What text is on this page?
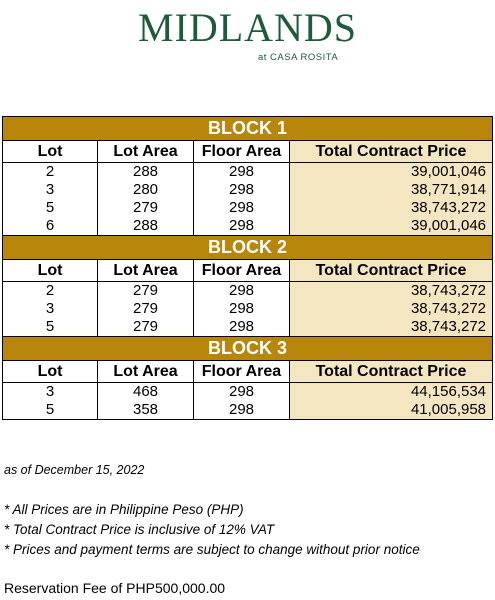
MIDLANDS
at CASA ROSITA
BLOCK 1			
Lot	Lot Area	Floor Area	Total Contract Price
2	288	298	39,001,046
3	280	298	38,771,914
5	279	298	38,743,272
6	288	298	39,001,046
BLOCK 2			
Lot	Lot Area	Floor Area	Total Contract Price
2	279	298	38,743,272
3	279	298	38,743,272
5	279	298	38,743,272
BLOCK 3			
Lot	Lot Area	Floor Area	Total Contract Price
3	468	298	44,156,534
5	358	298	41,005,958
as of December 15, 2022
* All Prices are in Philippine Peso (PHP)
* Total Contract Price is inclusive of 12% VAT
* Prices and payment terms are subject to change without prior notice
Reservation Fee of PHP500,000.00
